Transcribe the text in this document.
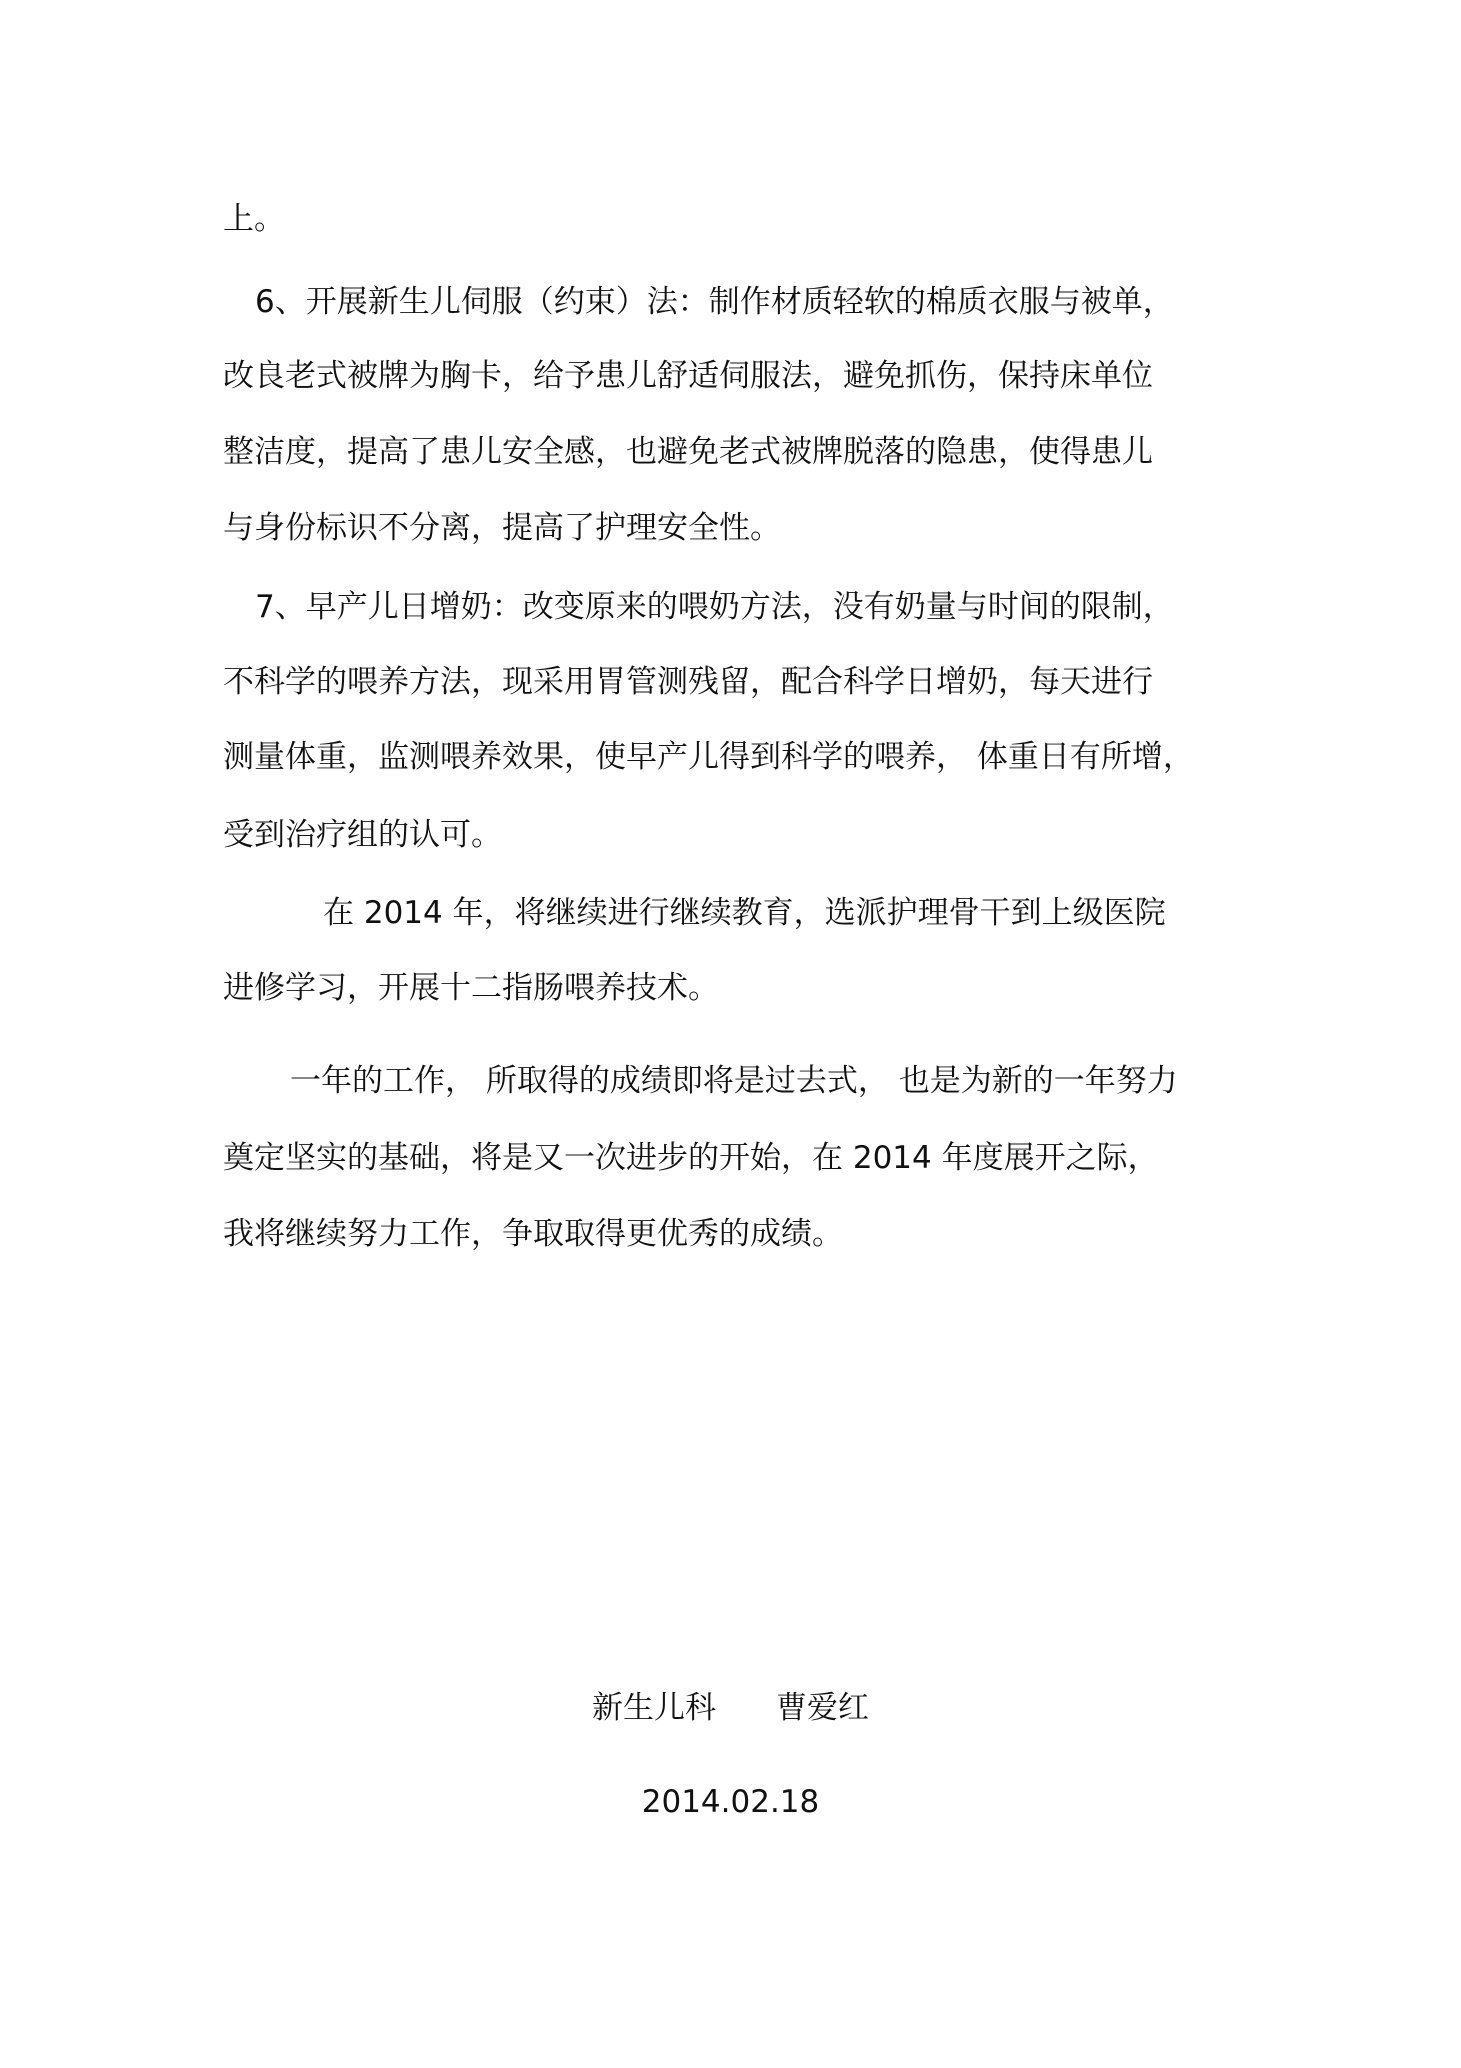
上。
6、开展新生儿伺服（约束）法：制作材质轻软的棉质衣服与被单，
改良老式被牌为胸卡，给予患儿舒适伺服法，避免抓伤，保持床单位
整洁度，提高了患儿安全感，也避免老式被牌脱落的隐患，使得患儿
与身份标识不分离，提高了护理安全性。
7、早产儿日增奶：改变原来的喂奶方法，没有奶量与时间的限制，
不科学的喂养方法，现采用胃管测残留，配合科学日增奶，每天进行
测量体重，监测喂养效果，使早产儿得到科学的喂养， 体重日有所增，
受到治疗组的认可。
在 2014 年，将继续进行继续教育，选派护理骨干到上级医院
进修学习，开展十二指肠喂养技术。
一年的工作， 所取得的成绩即将是过去式， 也是为新的一年努力
奠定坚实的基础，将是又一次进步的开始，在 2014 年度展开之际，
我将继续努力工作，争取取得更优秀的成绩。
新生儿科 曹爱红
2014.02.18
